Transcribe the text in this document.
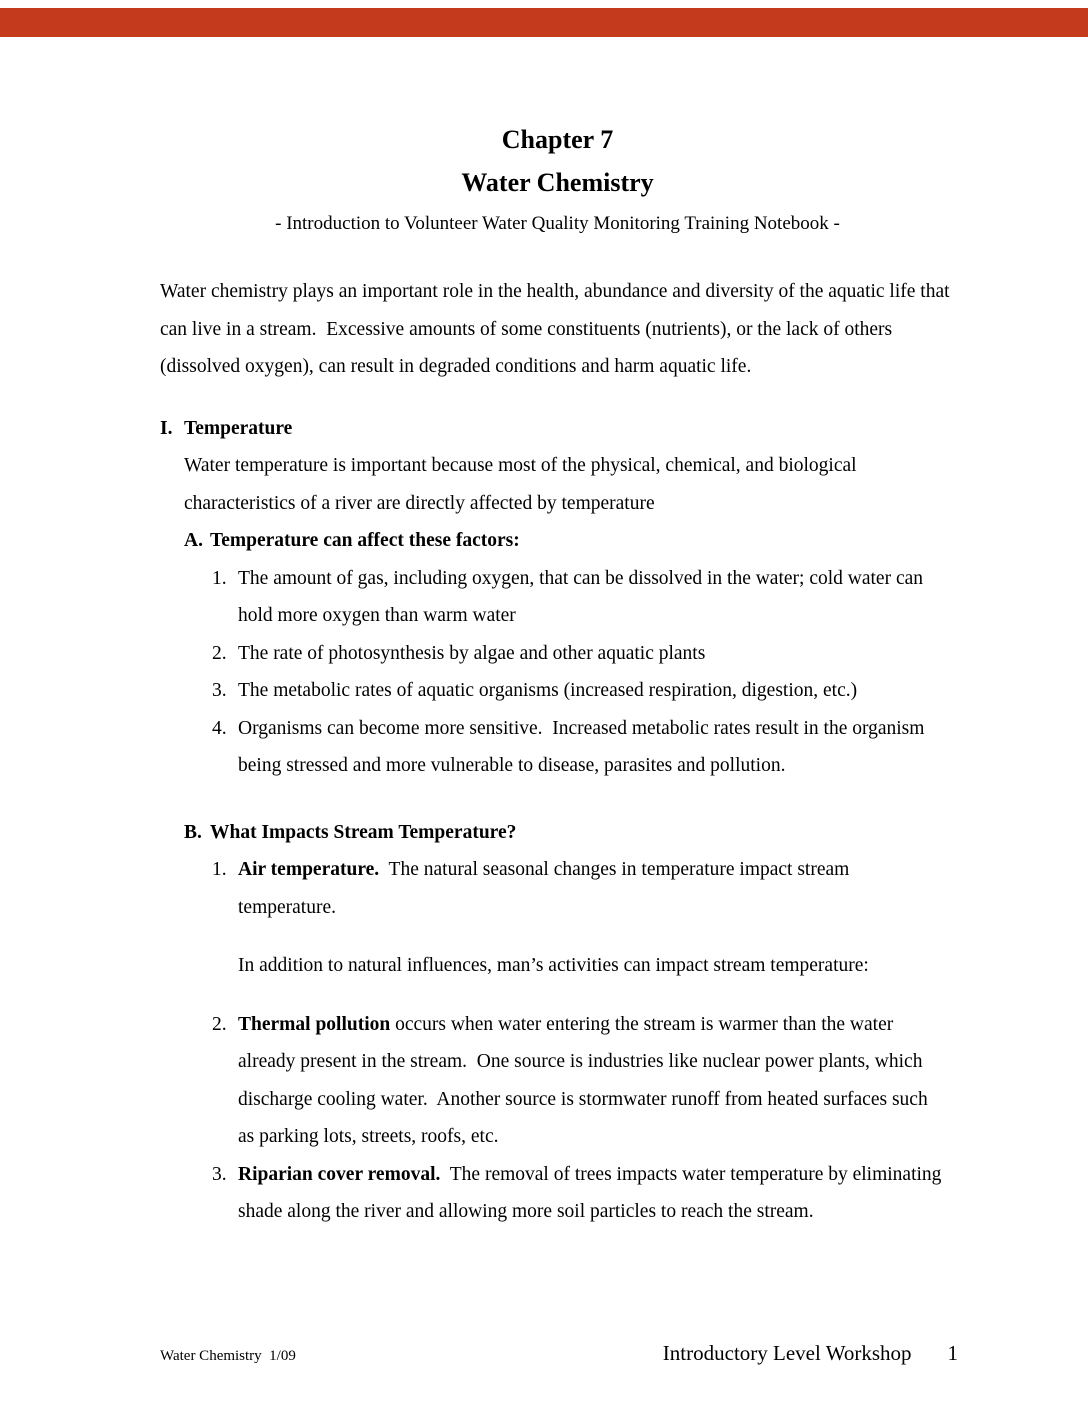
Chapter 7
Water Chemistry
- Introduction to Volunteer Water Quality Monitoring Training Notebook -

Water chemistry plays an important role in the health, abundance and diversity of the aquatic life that can live in a stream.  Excessive amounts of some constituents (nutrients), or the lack of others (dissolved oxygen), can result in degraded conditions and harm aquatic life.

I. Temperature

Water temperature is important because most of the physical, chemical, and biological characteristics of a river are directly affected by temperature

A. Temperature can affect these factors:
1. The amount of gas, including oxygen, that can be dissolved in the water; cold water can hold more oxygen than warm water
2. The rate of photosynthesis by algae and other aquatic plants
3. The metabolic rates of aquatic organisms (increased respiration, digestion, etc.)
4. Organisms can become more sensitive.  Increased metabolic rates result in the organism being stressed and more vulnerable to disease, parasites and pollution.
B. What Impacts Stream Temperature?
1. Air temperature.  The natural seasonal changes in temperature impact stream temperature.
In addition to natural influences, man’s activities can impact stream temperature:
2. Thermal pollution occurs when water entering the stream is warmer than the water already present in the stream.  One source is industries like nuclear power plants, which discharge cooling water.  Another source is stormwater runoff from heated surfaces such as parking lots, streets, roofs, etc.
3. Riparian cover removal.  The removal of trees impacts water temperature by eliminating shade along the river and allowing more soil particles to reach the stream.
Water Chemistry  1/09	Introductory Level Workshop 1
